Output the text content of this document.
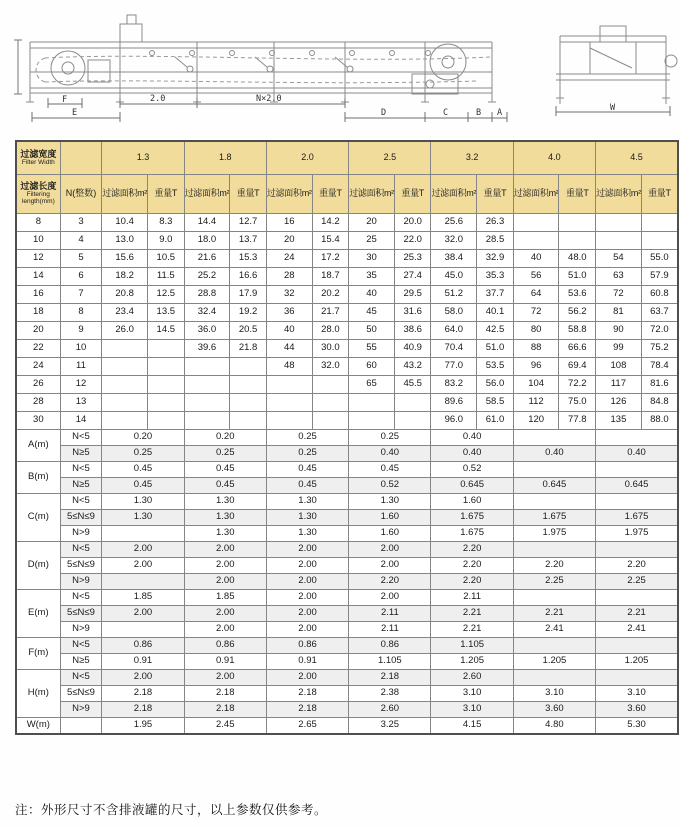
F	2.0	N×2.0
E	D	C	B A	W
过滤宽度
Filter Width		1.3		1.8		2.0		2.5		3.2		4.0		4.5	

过滤长度
Filtering
length(mm)	N(整数)	过滤面积m²	重量T	过滤面积m²	重量T	过滤面积m²	重量T	过滤面积m²	重量T	过滤面积m²	重量T	过滤面积m²	重量T	过滤面积m²	重量T
8	3	10.4	8.3	14.4	12.7	16	14.2	20	20.0	25.6	26.3				
10	4	13.0	9.0	18.0	13.7	20	15.4	25	22.0	32.0	28.5				
12	5	15.6	10.5	21.6	15.3	24	17.2	30	25.3	38.4	32.9	40	48.0	54	55.0
14	6	18.2	11.5	25.2	16.6	28	18.7	35	27.4	45.0	35.3	56	51.0	63	57.9
16	7	20.8	12.5	28.8	17.9	32	20.2	40	29.5	51.2	37.7	64	53.6	72	60.8
18	8	23.4	13.5	32.4	19.2	36	21.7	45	31.6	58.0	40.1	72	56.2	81	63.7
20	9	26.0	14.5	36.0	20.5	40	28.0	50	38.6	64.0	42.5	80	58.8	90	72.0
22	10			39.6	21.8	44	30.0	55	40.9	70.4	51.0	88	66.6	99	75.2
24	11					48	32.0	60	43.2	77.0	53.5	96	69.4	108	78.4
26	12							65	45.5	83.2	56.0	104	72.2	117	81.6
28	13									89.6	58.5	112	75.0	126	84.8
30	14									96.0	61.0	120	77.8	135	88.0
A(m)	N<5	0.20		0.20		0.25		0.25		0.40					
	N≥5	0.25		0.25		0.25		0.40		0.40		0.40		0.40	
B(m)	N<5	0.45		0.45		0.45		0.45		0.52					
	N≥5	0.45		0.45		0.45		0.52		0.645		0.645		0.645	
C(m)	N<5	1.30		1.30		1.30		1.30		1.60					
	5≤N≤9	1.30		1.30		1.30		1.60		1.675		1.675		1.675	
	N>9			1.30		1.30		1.60		1.675		1.975		1.975	
D(m)	N<5	2.00		2.00		2.00		2.00		2.20					
	5≤N≤9	2.00		2.00		2.00		2.00		2.20		2.20		2.20	
	N>9			2.00		2.00		2.20		2.20		2.25		2.25	
E(m)	N<5	1.85		1.85		2.00		2.00		2.11					
	5≤N≤9	2.00		2.00		2.00		2.11		2.21		2.21		2.21	
	N>9			2.00		2.00		2.11		2.21		2.41		2.41	
F(m)	N<5	0.86		0.86		0.86		0.86		1.105					
	N≥5	0.91		0.91		0.91		1.105		1.205		1.205		1.205	
H(m)	N<5	2.00		2.00		2.00		2.18		2.60					
	5≤N≤9	2.18		2.18		2.18		2.38		3.10		3.10		3.10	
	N>9	2.18		2.18		2.18		2.60		3.10		3.60		3.60	
W(m)		1.95		2.45		2.65		3.25		4.15		4.80		5.30	
注：外形尺寸不含排液罐的尺寸，以上参数仅供参考。
